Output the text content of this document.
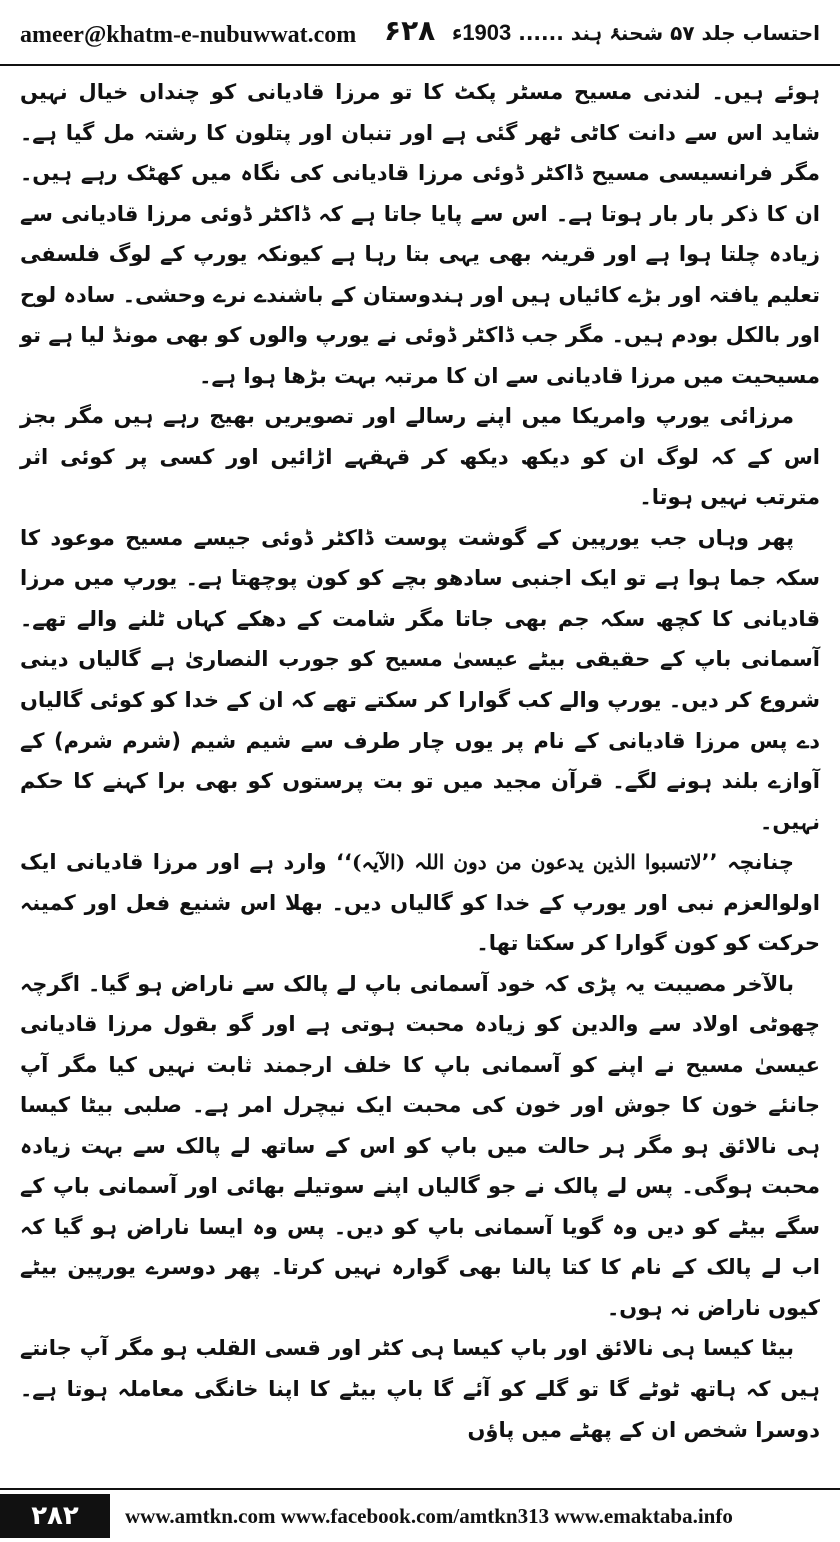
ameer@khatm-e-nubuwwat.com ۶۲۸	احتساب جلد ۵۷ شحنۂ ہند ...... 1903ء

ہوئے ہیں۔ لندنی مسیح مسٹر پکٹ کا تو مرزا قادیانی کو چنداں خیال نہیں شاید اس سے دانت کاٹی ٹھر گئی ہے اور تنبان اور پتلون کا رشتہ مل گیا ہے۔ مگر فرانسیسی مسیح ڈاکٹر ڈوئی مرزا قادیانی کی نگاہ میں کھٹک رہے ہیں۔ ان کا ذکر بار بار ہوتا ہے۔ اس سے پایا جاتا ہے کہ ڈاکٹر ڈوئی مرزا قادیانی سے زیادہ چلتا ہوا ہے اور قرینہ بھی یہی بتا رہا ہے کیونکہ یورپ کے لوگ فلسفی تعلیم یافتہ اور بڑے کائیاں ہیں اور ہندوستان کے باشندے نرے وحشی۔ سادہ لوح اور بالکل بودم ہیں۔ مگر جب ڈاکٹر ڈوئی نے یورپ والوں کو بھی مونڈ لیا ہے تو مسیحیت میں مرزا قادیانی سے ان کا مرتبہ بہت بڑھا ہوا ہے۔

مرزائی یورپ وامریکا میں اپنے رسالے اور تصویریں بھیج رہے ہیں مگر بجز اس کے کہ لوگ ان کو دیکھ دیکھ کر قہقہے اڑائیں اور کسی پر کوئی اثر مترتب نہیں ہوتا۔

پھر وہاں جب یورپین کے گوشت پوست ڈاکٹر ڈوئی جیسے مسیح موعود کا سکہ جما ہوا ہے تو ایک اجنبی سادھو بچے کو کون پوچھتا ہے۔ یورپ میں مرزا قادیانی کا کچھ سکہ جم بھی جاتا مگر شامت کے دھکے کہاں ٹلنے والے تھے۔ آسمانی باپ کے حقیقی بیٹے عیسیٰ مسیح کو جورب النصاریٰ ہے گالیاں دینی شروع کر دیں۔ یورپ والے کب گوارا کر سکتے تھے کہ ان کے خدا کو کوئی گالیاں دے پس مرزا قادیانی کے نام پر یوں چار طرف سے شیم شیم (شرم شرم) کے آوازے بلند ہونے لگے۔ قرآن مجید میں تو بت پرستوں کو بھی برا کہنے کا حکم نہیں۔

چنانچہ ’’لاتسبوا الذین یدعون من دون اللہ (الآیہ)‘‘ وارد ہے اور مرزا قادیانی ایک اولوالعزم نبی اور یورپ کے خدا کو گالیاں دیں۔ بھلا اس شنیع فعل اور کمینہ حرکت کو کون گوارا کر سکتا تھا۔

بالآخر مصیبت یہ پڑی کہ خود آسمانی باپ لے پالک سے ناراض ہو گیا۔ اگرچہ چھوٹی اولاد سے والدین کو زیادہ محبت ہوتی ہے اور گو بقول مرزا قادیانی عیسیٰ مسیح نے اپنے کو آسمانی باپ کا خلف ارجمند ثابت نہیں کیا مگر آپ جانئے خون کا جوش اور خون کی محبت ایک نیچرل امر ہے۔ صلبی بیٹا کیسا ہی نالائق ہو مگر ہر حالت میں باپ کو اس کے ساتھ لے پالک سے بہت زیادہ محبت ہوگی۔ پس لے پالک نے جو گالیاں اپنے سوتیلے بھائی اور آسمانی باپ کے سگے بیٹے کو دیں وہ گویا آسمانی باپ کو دیں۔ پس وہ ایسا ناراض ہو گیا کہ اب لے پالک کے نام کا کتا پالنا بھی گوارہ نہیں کرتا۔ پھر دوسرے یورپین بیٹے کیوں ناراض نہ ہوں۔

بیٹا کیسا ہی نالائق اور باپ کیسا ہی کٹر اور قسی القلب ہو مگر آپ جانتے ہیں کہ ہاتھ ٹوٹے گا تو گلے کو آئے گا باپ بیٹے کا اپنا خانگی معاملہ ہوتا ہے۔ دوسرا شخص ان کے پھٹے میں پاؤں

۲۸۲	www.amtkn.com www.facebook.com/amtkn313 www.emaktaba.info
